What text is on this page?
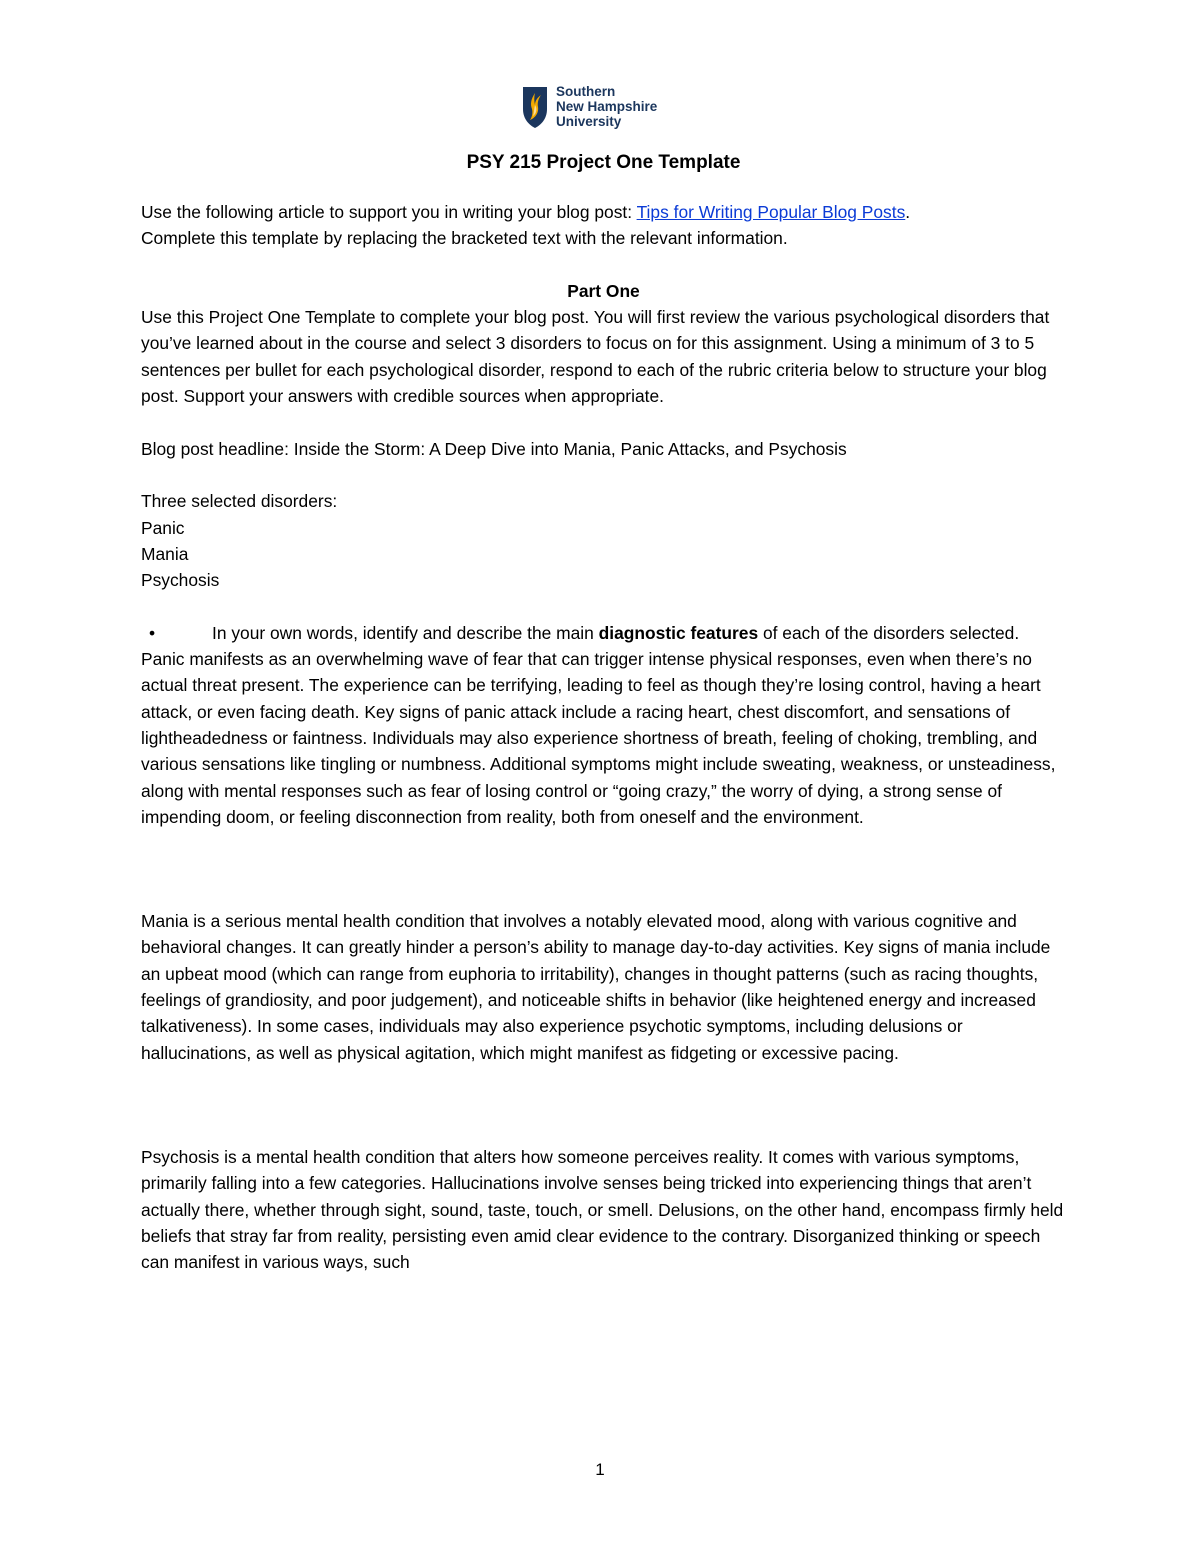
Southern
New Hampshire
University
PSY 215 Project One Template

Use the following article to support you in writing your blog post: Tips for Writing Popular Blog Posts.

Complete this template by replacing the bracketed text with the relevant information.

Part One

Use this Project One Template to complete your blog post. You will first review the various psychological disorders that you’ve learned about in the course and select 3 disorders to focus on for this assignment. Using a minimum of 3 to 5 sentences per bullet for each psychological disorder, respond to each of the rubric criteria below to structure your blog post. Support your answers with credible sources when appropriate.

Blog post headline: Inside the Storm: A Deep Dive into Mania, Panic Attacks, and Psychosis

Three selected disorders:

Panic

Mania

Psychosis

•	In your own words, identify and describe the main diagnostic features of each of the disorders selected.

Panic manifests as an overwhelming wave of fear that can trigger intense physical responses, even when there’s no actual threat present. The experience can be terrifying, leading to feel as though they’re losing control, having a heart attack, or even facing death. Key signs of panic attack include a racing heart, chest discomfort, and sensations of lightheadedness or faintness. Individuals may also experience shortness of breath, feeling of choking, trembling, and various sensations like tingling or numbness. Additional symptoms might include sweating, weakness, or unsteadiness, along with mental responses such as fear of losing control or “going crazy,” the worry of dying, a strong sense of impending doom, or feeling disconnection from reality, both from oneself and the environment.

Mania is a serious mental health condition that involves a notably elevated mood, along with various cognitive and behavioral changes. It can greatly hinder a person’s ability to manage day-to-day activities. Key signs of mania include an upbeat mood (which can range from euphoria to irritability), changes in thought patterns (such as racing thoughts, feelings of grandiosity, and poor judgement), and noticeable shifts in behavior (like heightened energy and increased talkativeness). In some cases, individuals may also experience psychotic symptoms, including delusions or hallucinations, as well as physical agitation, which might manifest as fidgeting or excessive pacing.

Psychosis is a mental health condition that alters how someone perceives reality. It comes with various symptoms, primarily falling into a few categories. Hallucinations involve senses being tricked into experiencing things that aren’t actually there, whether through sight, sound, taste, touch, or smell. Delusions, on the other hand, encompass firmly held beliefs that stray far from reality, persisting even amid clear evidence to the contrary. Disorganized thinking or speech can manifest in various ways, such

1
